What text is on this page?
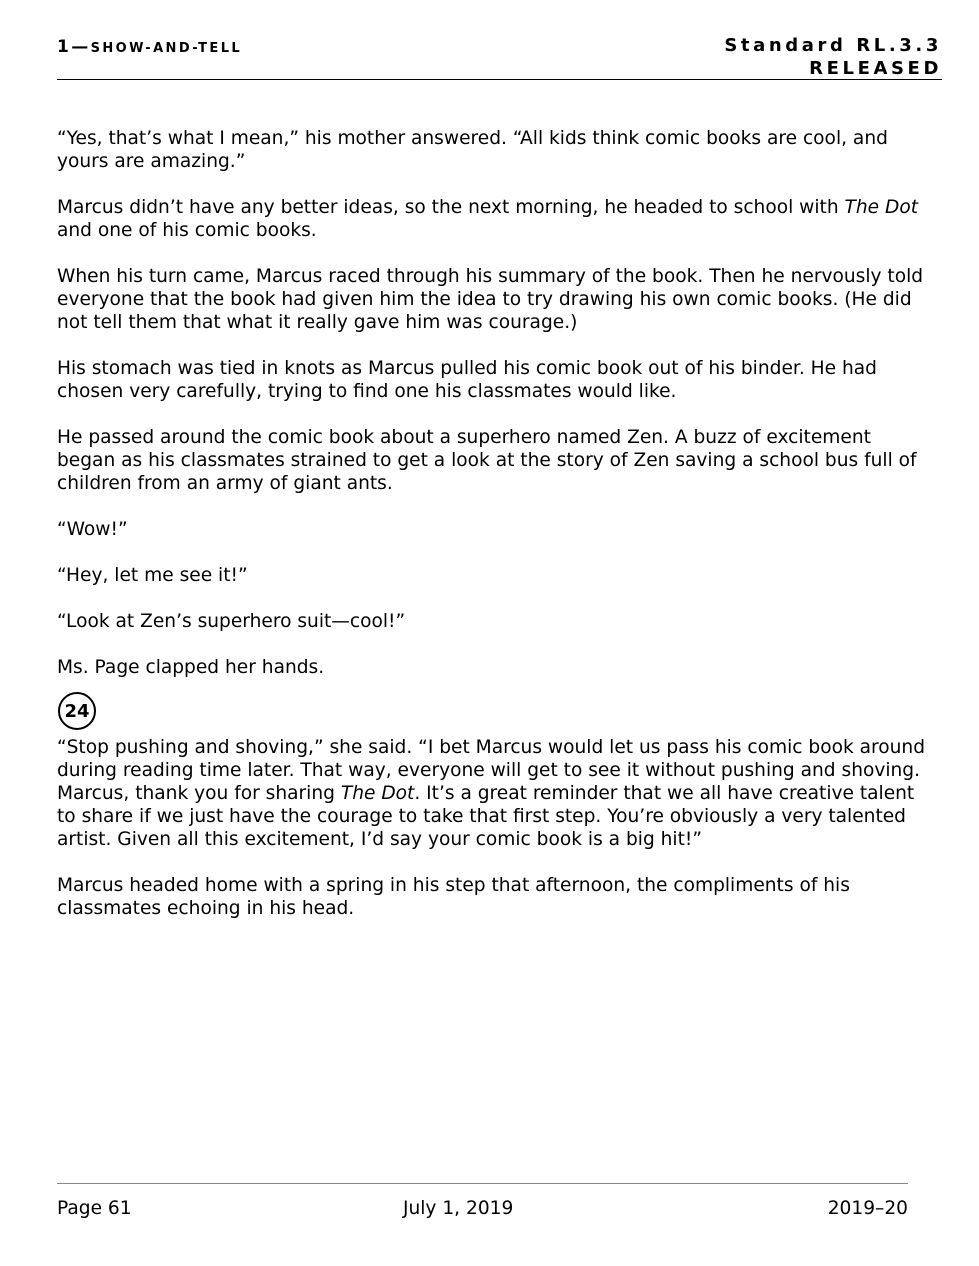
1—SHOW-AND-TELL	Standard RL.3.3
RELEASED

“Yes, that’s what I mean,” his mother answered. “All kids think comic books are cool, and yours are amazing.”

Marcus didn’t have any better ideas, so the next morning, he headed to school with The Dot and one of his comic books.

When his turn came, Marcus raced through his summary of the book. Then he nervously told everyone that the book had given him the idea to try drawing his own comic books. (He did not tell them that what it really gave him was courage.)

His stomach was tied in knots as Marcus pulled his comic book out of his binder. He had chosen very carefully, trying to find one his classmates would like.

He passed around the comic book about a superhero named Zen. A buzz of excitement began as his classmates strained to get a look at the story of Zen saving a school bus full of children from an army of giant ants.

“Wow!”

“Hey, let me see it!”

“Look at Zen’s superhero suit—cool!”

Ms. Page clapped her hands.

24

“Stop pushing and shoving,” she said. “I bet Marcus would let us pass his comic book around during reading time later. That way, everyone will get to see it without pushing and shoving. Marcus, thank you for sharing The Dot. It’s a great reminder that we all have creative talent to share if we just have the courage to take that first step. You’re obviously a very talented artist. Given all this excitement, I’d say your comic book is a big hit!”

Marcus headed home with a spring in his step that afternoon, the compliments of his classmates echoing in his head.

Page 61	July 1, 2019	2019–20
